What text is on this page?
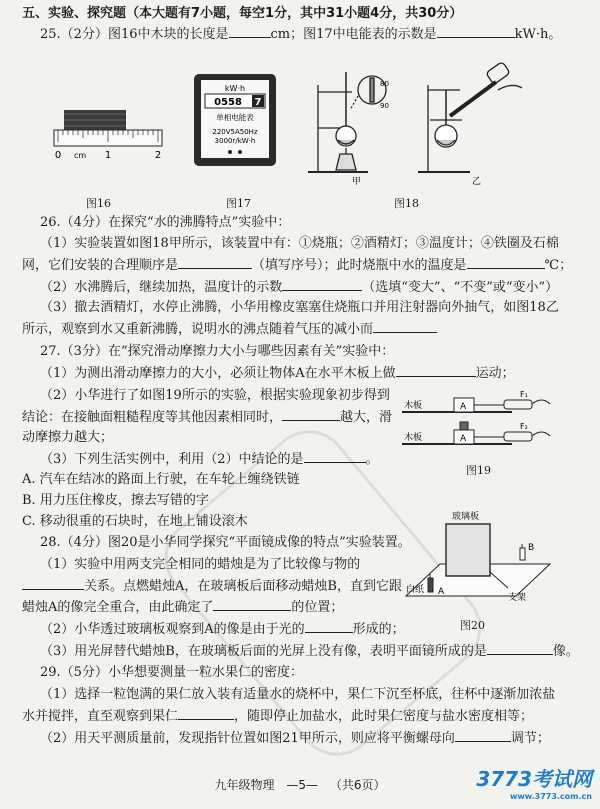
五、实验、探究题（本大题有7小题，每空1分，其中31小题4分，共30分）
25.（2分）图16中木块的长度是	cm；图17中电能表的示数是	kW·h。
0 cm 1	2
图16
kW·h
0558 7
单相电能表
220V5A50Hz
3000r/kW·h
图17
90
80
甲	乙
图18
26.（4分）在探究“水的沸腾特点”实验中：
（1）实验装置如图18甲所示，该装置中有：①烧瓶；②酒精灯；③温度计；④铁圈及石棉
网，它们安装的合理顺序是	（填写序号）；此时烧瓶中水的温度是	℃；
（2）水沸腾后，继续加热，温度计的示数	（选填“变大”、“不变”或“变小”）
（3）撤去酒精灯，水停止沸腾，小华用橡皮塞塞住烧瓶口并用注射器向外抽气，如图18乙
所示，观察到水又重新沸腾，说明水的沸点随着气压的减小而
27.（3分）在“探究滑动摩擦力大小与哪些因素有关”实验中：
（1）为测出滑动摩擦力的大小，必须让物体A在水平木板上做	运动；
（2）小华进行了如图19所示的实验，根据实验现象初步得到
结论：在接触面粗糙程度等其他因素相同时，	越大，滑
动摩擦力越大；
（3）下列生活实例中，利用（2）中结论的是	。
A. 汽车在结冰的路面上行驶，在车轮上缠绕铁链
B. 用力压住橡皮，擦去写错的字
C. 移动很重的石块时，在地上铺设滚木
木板	A
F₁
木板	A
F₂
图19
28.（4分）图20是小华同学探究“平面镜成像的特点”实验装置。
（1）实验中用两支完全相同的蜡烛是为了比较像与物的
关系。点燃蜡烛A，在玻璃板后面移动蜡烛B，直到它跟
蜡烛A的像完全重合，由此确定了	的位置；
（2）小华透过玻璃板观察到A的像是由于光的	形成的；
（3）用光屏替代蜡烛B，在玻璃板后面的光屏上没有像，表明平面镜所成的是	像。
玻璃板
白纸 A
B
支架
图20
29.（5分）小华想要测量一粒水果仁的密度：
（1）选择一粒饱满的果仁放入装有适量水的烧杯中，果仁下沉至杯底，往杯中逐渐加浓盐
水并搅拌，直至观察到果仁	，随即停止加盐水，此时果仁密度与盐水密度相等；
（2）用天平测质量前，发现指针位置如图21甲所示，则应将平衡螺母向	调节；
九年级物理 —5— （共6页）	3773考试网
www.3773.com.cn
